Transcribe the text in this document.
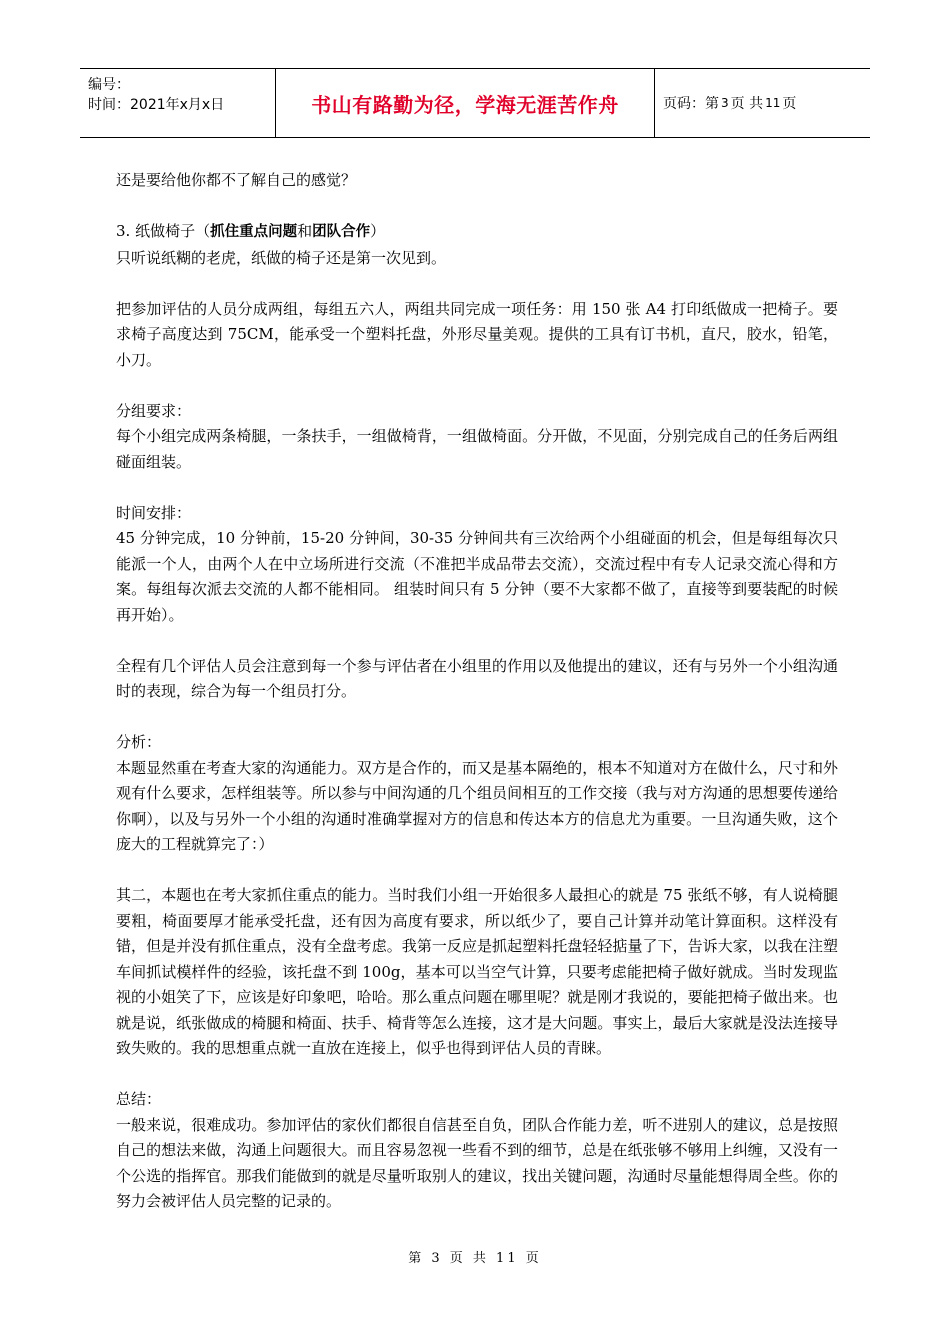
编号：
时间：2021年x月x日	书山有路勤为径，学海无涯苦作舟	页码：第 3 页 共 11 页

还是要给他你都不了解自己的感觉？

3. 纸做椅子（抓住重点问题和团队合作）

只听说纸糊的老虎，纸做的椅子还是第一次见到。

把参加评估的人员分成两组，每组五六人，两组共同完成一项任务：用 150 张 A4 打印纸做成一把椅子。要求椅子高度达到 75CM，能承受一个塑料托盘，外形尽量美观。提供的工具有订书机，直尺，胶水，铅笔，小刀。

分组要求：

每个小组完成两条椅腿，一条扶手，一组做椅背，一组做椅面。分开做，不见面，分别完成自己的任务后两组碰面组装。

时间安排：

45 分钟完成，10 分钟前，15-20 分钟间，30-35 分钟间共有三次给两个小组碰面的机会，但是每组每次只能派一个人，由两个人在中立场所进行交流（不准把半成品带去交流），交流过程中有专人记录交流心得和方案。每组每次派去交流的人都不能相同。 组装时间只有 5 分钟（要不大家都不做了，直接等到要装配的时候再开始）。

全程有几个评估人员会注意到每一个参与评估者在小组里的作用以及他提出的建议，还有与另外一个小组沟通时的表现，综合为每一个组员打分。

分析：

本题显然重在考查大家的沟通能力。双方是合作的，而又是基本隔绝的，根本不知道对方在做什么，尺寸和外观有什么要求，怎样组装等。所以参与中间沟通的几个组员间相互的工作交接（我与对方沟通的思想要传递给你啊），以及与另外一个小组的沟通时准确掌握对方的信息和传达本方的信息尤为重要。一旦沟通失败，这个庞大的工程就算完了：）

其二，本题也在考大家抓住重点的能力。当时我们小组一开始很多人最担心的就是 75 张纸不够，有人说椅腿要粗，椅面要厚才能承受托盘，还有因为高度有要求，所以纸少了，要自己计算并动笔计算面积。这样没有错，但是并没有抓住重点，没有全盘考虑。我第一反应是抓起塑料托盘轻轻掂量了下，告诉大家，以我在注塑车间抓试模样件的经验，该托盘不到 100g，基本可以当空气计算，只要考虑能把椅子做好就成。当时发现监视的小姐笑了下，应该是好印象吧，哈哈。那么重点问题在哪里呢？就是刚才我说的，要能把椅子做出来。也就是说，纸张做成的椅腿和椅面、扶手、椅背等怎么连接，这才是大问题。事实上，最后大家就是没法连接导致失败的。我的思想重点就一直放在连接上，似乎也得到评估人员的青睐。

总结：

一般来说，很难成功。参加评估的家伙们都很自信甚至自负，团队合作能力差，听不进别人的建议，总是按照自己的想法来做，沟通上问题很大。而且容易忽视一些看不到的细节，总是在纸张够不够用上纠缠，又没有一个公选的指挥官。那我们能做到的就是尽量听取别人的建议，找出关键问题，沟通时尽量能想得周全些。你的努力会被评估人员完整的记录的。

第 3 页 共 11 页
